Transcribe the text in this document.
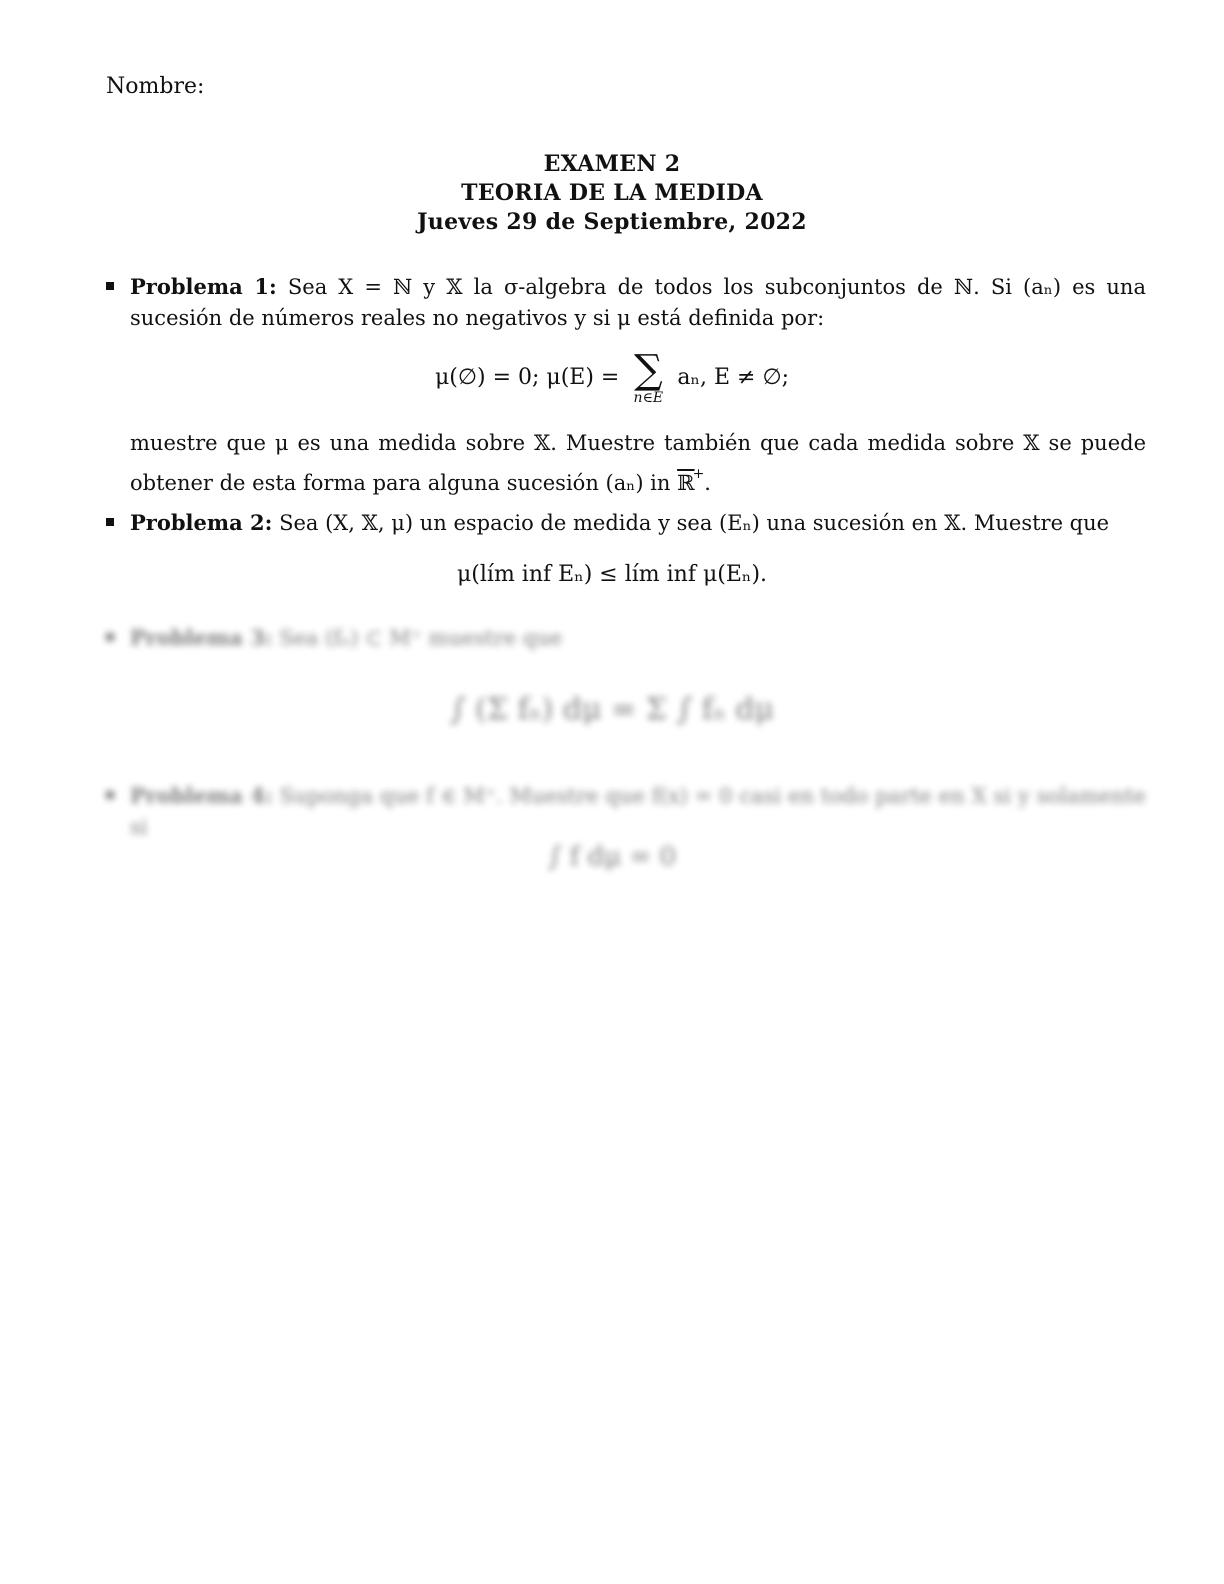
Nombre:
EXAMEN 2
TEORIA DE LA MEDIDA
Jueves 29 de Septiembre, 2022
Problema 1: Sea X = ℕ y 𝕏 la σ-algebra de todos los subconjuntos de ℕ. Si (aₙ) es una sucesión de números reales no negativos y si μ está definida por:
μ(∅) = 0; μ(E) = ∑
n∈E
aₙ, E ≠ ∅;
muestre que μ es una medida sobre 𝕏. Muestre también que cada medida sobre 𝕏 se puede obtener de esta forma para alguna sucesión (aₙ) in ℝ+.
Problema 2: Sea (X, 𝕏, μ) un espacio de medida y sea (Eₙ) una sucesión en 𝕏. Muestre que
μ(lím inf Eₙ) ≤ lím inf μ(Eₙ).
Problema 3: Sea (fₙ) ⊂ M⁺ muestre que
∫ (Σ fₙ) dμ = Σ ∫ fₙ dμ
Problema 4: Suponga que f ∈ M⁺. Muestre que f(x) = 0 casi en todo parte en X si y solamente si
∫ f dμ = 0
